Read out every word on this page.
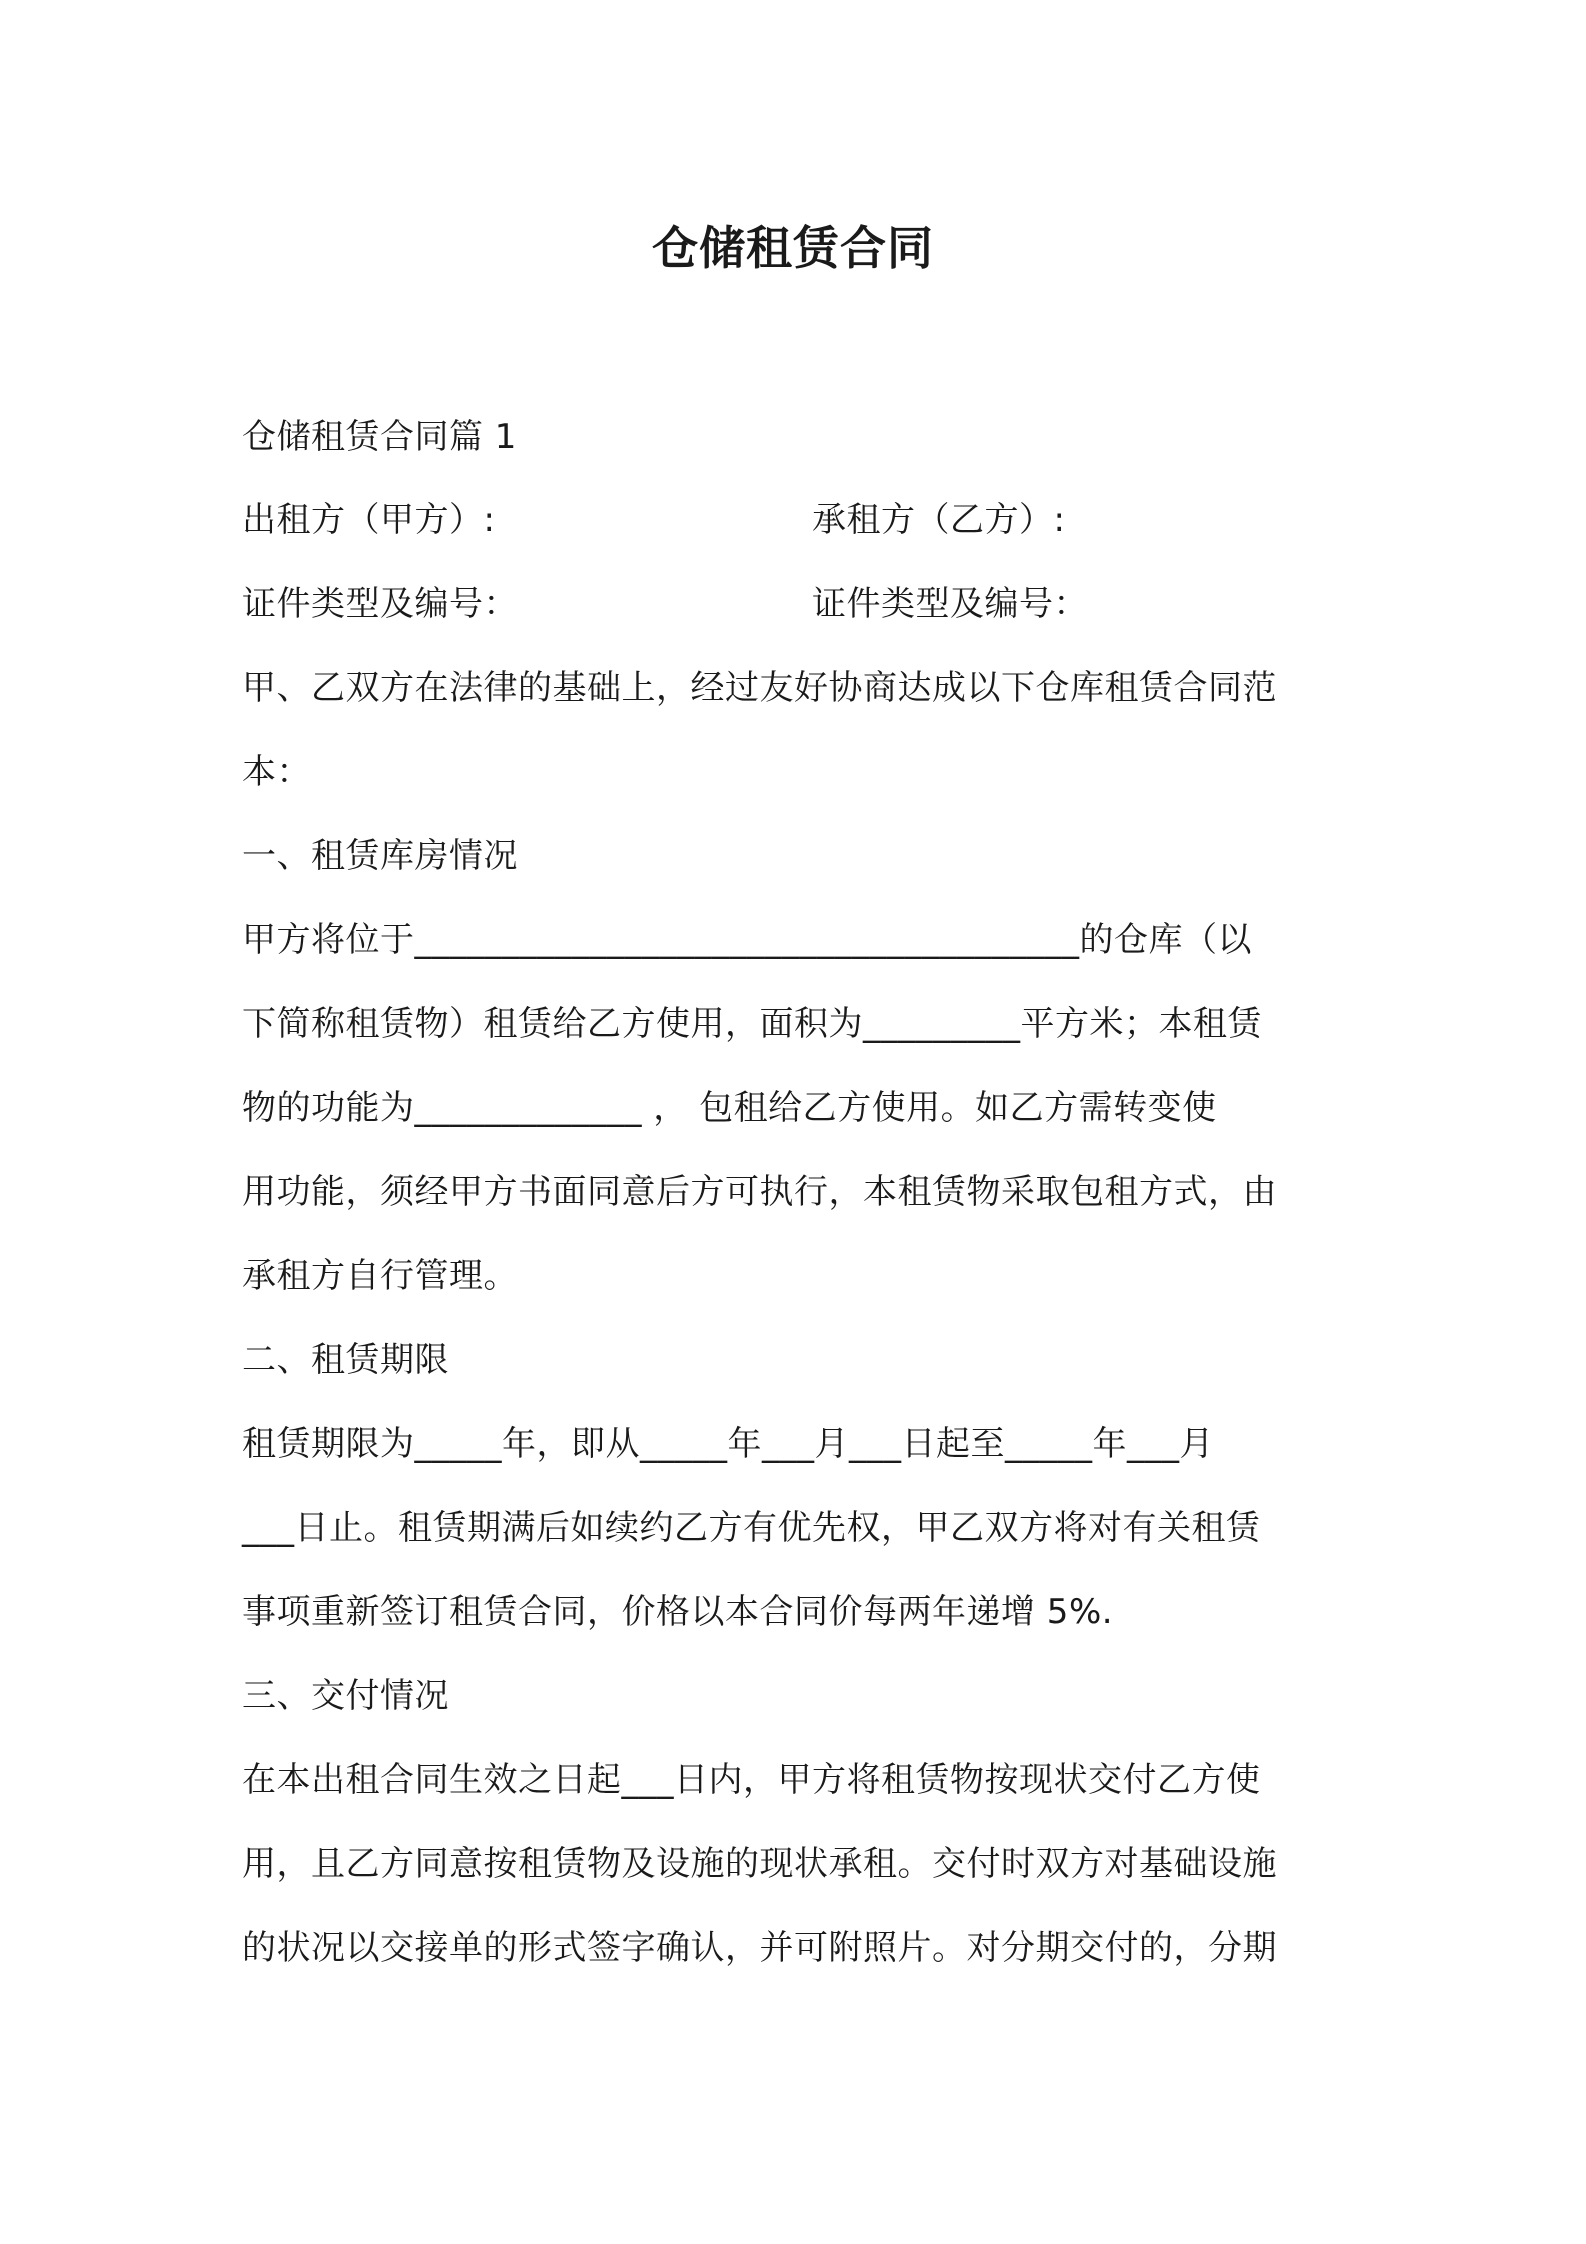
仓储租赁合同
仓储租赁合同篇 1
出租方（甲方）:	承租方（乙方）:
证件类型及编号：	证件类型及编号：
甲、乙双方在法律的基础上，经过友好协商达成以下仓库租赁合同范
本：
一、租赁库房情况
甲方将位于______________________________________的仓库（以
下简称租赁物）租赁给乙方使用，面积为_________平方米；本租赁
物的功能为_____________ ， 包租给乙方使用。如乙方需转变使
用功能，须经甲方书面同意后方可执行，本租赁物采取包租方式，由
承租方自行管理。
二、租赁期限
租赁期限为_____年，即从_____年___月___日起至_____年___月
___日止。租赁期满后如续约乙方有优先权，甲乙双方将对有关租赁
事项重新签订租赁合同，价格以本合同价每两年递增 5%.
三、交付情况
在本出租合同生效之日起___日内，甲方将租赁物按现状交付乙方使
用，且乙方同意按租赁物及设施的现状承租。交付时双方对基础设施
的状况以交接单的形式签字确认，并可附照片。对分期交付的，分期
